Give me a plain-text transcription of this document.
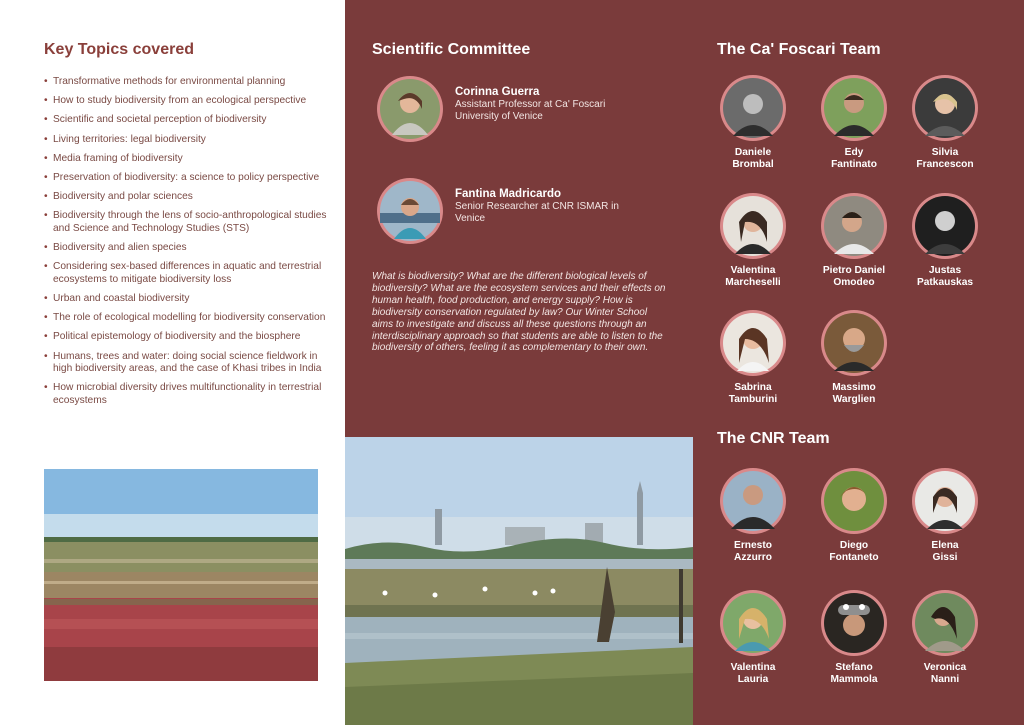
Key Topics covered
• Transformative methods for environmental planning
• How to study biodiversity from an ecological perspective
• Scientific and societal perception of biodiversity
• Living territories: legal biodiversity
• Media framing of biodiversity
• Preservation of biodiversity: a science to policy perspective
• Biodiversity and polar sciences
• Biodiversity through the lens of socio-anthropological studies and Science and Technology Studies (STS)
• Biodiversity and alien species
• Considering sex-based differences in aquatic and terrestrial ecosystems to mitigate biodiversity loss
• Urban and coastal biodiversity
• The role of ecological modelling for biodiversity conservation
• Political epistemology of biodiversity and the biosphere
• Humans, trees and water: doing social science fieldwork in high biodiversity areas, and the case of Khasi tribes in India
• How microbial diversity drives multifunctionality in terrestrial ecosystems
Scientific Committee
Corinna Guerra
Assistant Professor at Ca' Foscari University of Venice
Fantina Madricardo
Senior Researcher at CNR ISMAR in Venice

What is biodiversity? What are the different biological levels of biodiversity? What are the ecosystem services and their effects on human health, food production, and energy supply? How is biodiversity conservation regulated by law? Our Winter School aims to investigate and discuss all these questions through an interdisciplinary approach so that students are able to listen to the biodiversity of others, feeling it as complementary to their own.

The Ca' Foscari Team
Daniele
Brombal
Edy
Fantinato
Silvia
Francescon
Valentina
Marcheselli
Pietro Daniel
Omodeo
Justas
Patkauskas
Sabrina
Tamburini
Massimo
Warglien
The CNR Team
Ernesto
Azzurro
Diego
Fontaneto
Elena
Gissi
Valentina
Lauria
Stefano
Mammola
Veronica
Nanni
